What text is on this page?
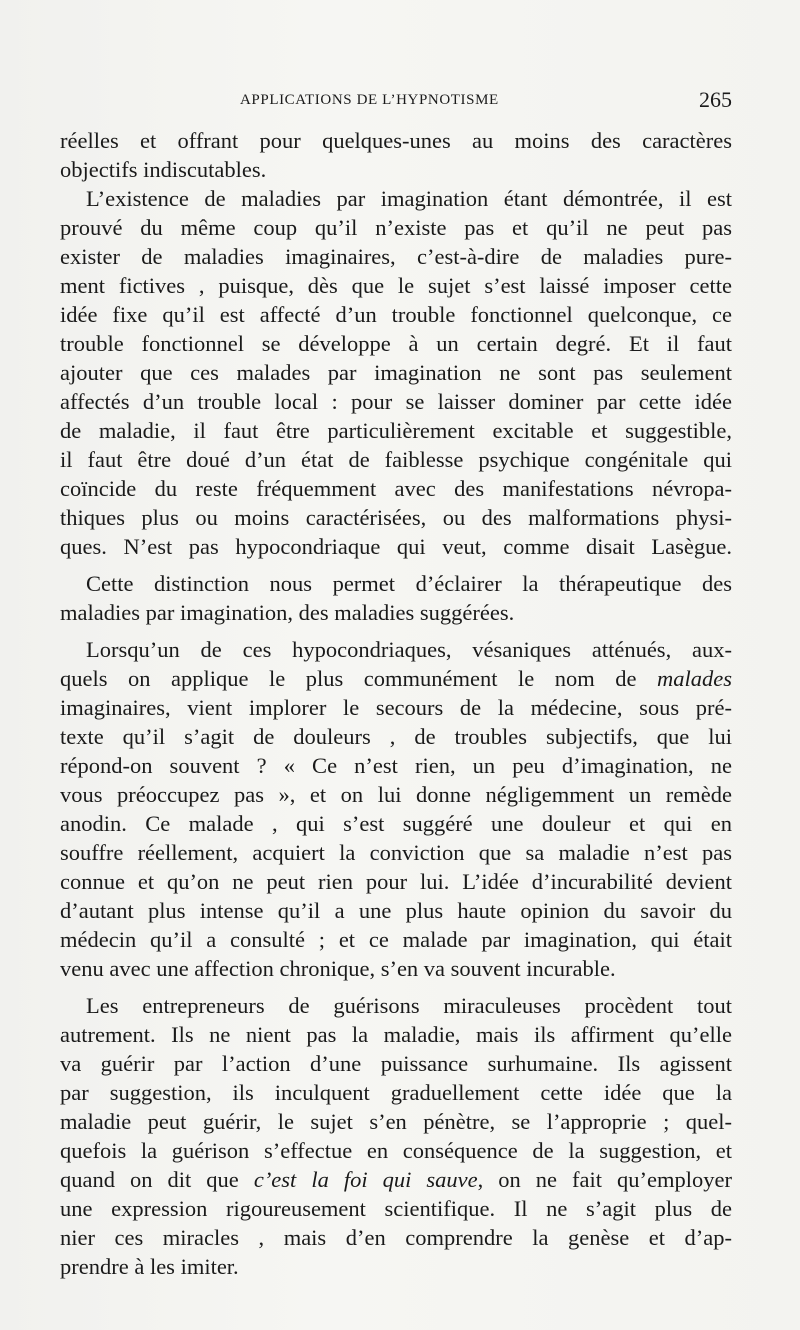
APPLICATIONS DE L’HYPNOTISME	265
réelles et offrant pour quelques-unes au moins des caractères
objectifs indiscutables.
L’existence de maladies par imagination étant démontrée, il est
prouvé du même coup qu’il n’existe pas et qu’il ne peut pas
exister de maladies imaginaires, c’est-à-dire de maladies pure-
ment fictives , puisque, dès que le sujet s’est laissé imposer cette
idée fixe qu’il est affecté d’un trouble fonctionnel quelconque, ce
trouble fonctionnel se développe à un certain degré. Et il faut
ajouter que ces malades par imagination ne sont pas seulement
affectés d’un trouble local : pour se laisser dominer par cette idée
de maladie, il faut être particulièrement excitable et suggestible,
il faut être doué d’un état de faiblesse psychique congénitale qui
coïncide du reste fréquemment avec des manifestations névropa-
thiques plus ou moins caractérisées, ou des malformations physi-
ques. N’est pas hypocondriaque qui veut, comme disait Lasègue.
Cette distinction nous permet d’éclairer la thérapeutique des
maladies par imagination, des maladies suggérées.
Lorsqu’un de ces hypocondriaques, vésaniques atténués, aux-
quels on applique le plus communément le nom de malades
imaginaires, vient implorer le secours de la médecine, sous pré-
texte qu’il s’agit de douleurs , de troubles subjectifs, que lui
répond-on souvent ? « Ce n’est rien, un peu d’imagination, ne
vous préoccupez pas », et on lui donne négligemment un remède
anodin. Ce malade , qui s’est suggéré une douleur et qui en
souffre réellement, acquiert la conviction que sa maladie n’est pas
connue et qu’on ne peut rien pour lui. L’idée d’incurabilité devient
d’autant plus intense qu’il a une plus haute opinion du savoir du
médecin qu’il a consulté ; et ce malade par imagination, qui était
venu avec une affection chronique, s’en va souvent incurable.
Les entrepreneurs de guérisons miraculeuses procèdent tout
autrement. Ils ne nient pas la maladie, mais ils affirment qu’elle
va guérir par l’action d’une puissance surhumaine. Ils agissent
par suggestion, ils inculquent graduellement cette idée que la
maladie peut guérir, le sujet s’en pénètre, se l’approprie ; quel-
quefois la guérison s’effectue en conséquence de la suggestion, et
quand on dit que c’est la foi qui sauve, on ne fait qu’employer
une expression rigoureusement scientifique. Il ne s’agit plus de
nier ces miracles , mais d’en comprendre la genèse et d’ap-
prendre à les imiter.
